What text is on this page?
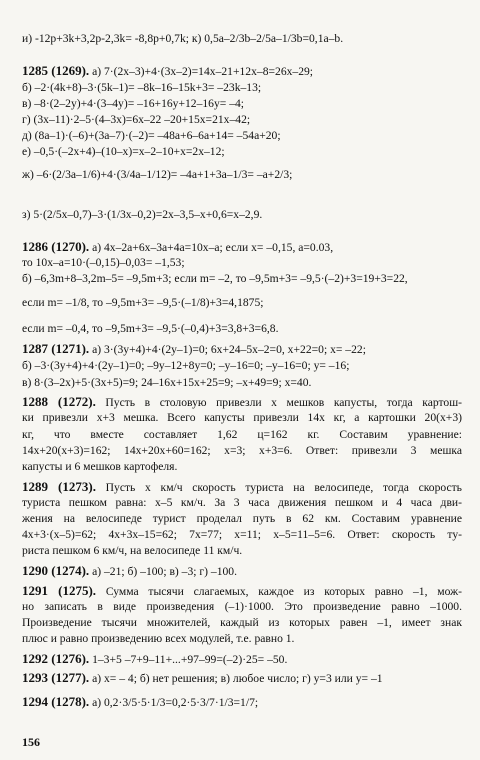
и) -12p+3k+3,2p-2,3k= -8,8p+0,7k; к) 0,5a–2/3b–2/5a–1/3b=0,1a–b.
1285 (1269). а) 7·(2x–3)+4·(3x–2)=14x–21+12x–8=26x–29;
б) –2·(4k+8)–3·(5k–1)= –8k–16–15k+3= –23k–13;
в) –8·(2–2y)+4·(3–4y)= –16+16y+12–16y= –4;
г) (3x–11)·2–5·(4–3x)=6x–22 –20+15x=21x–42;
д) (8a–1)·(–6)+(3a–7)·(–2)= –48a+6–6a+14= –54a+20;
е) –0,5·(–2x+4)–(10–x)=x–2–10+x=2x–12;
ж) –6·(2/3a–1/6)+4·(3/4a–1/12)= –4a+1+3a–1/3= –a+2/3;
з) 5·(2/5x–0,7)–3·(1/3x–0,2)=2x–3,5–x+0,6=x–2,9.
1286 (1270). а) 4x–2a+6x–3a+4a=10x–a; если x= –0,15, a=0.03,
то 10x–a=10·(–0,15)–0,03= –1,53;
б) –6,3m+8–3,2m–5= –9,5m+3; если m= –2, то –9,5m+3= –9,5·(–2)+3=19+3=22,
если m= –1/8, то –9,5m+3= –9,5·(–1/8)+3=4,1875;
если m= –0,4, то –9,5m+3= –9,5·(–0,4)+3=3,8+3=6,8.
1287 (1271). а) 3·(3y+4)+4·(2y–1)=0; 6x+24–5x–2=0, x+22=0; x= –22;
б) –3·(3y+4)+4·(2y–1)=0; –9y–12+8y=0; –y–16=0; –y–16=0; y= –16;
в) 8·(3–2x)+5·(3x+5)=9; 24–16x+15x+25=9; –x+49=9; x=40.
1288 (1272). Пусть в столовую привезли x мешков капусты, тогда картош-
ки привезли x+3 мешка. Всего капусты привезли 14x кг, а картошки 20(x+3)
кг, что вместе составляет 1,62 ц=162 кг. Составим уравнение:
14x+20(x+3)=162; 14x+20x+60=162; x=3; x+3=6. Ответ: привезли 3 мешка
капусты и 6 мешков картофеля.
1289 (1273). Пусть x км/ч скорость туриста на велосипеде, тогда скорость
туриста пешком равна: x–5 км/ч. За 3 часа движения пешком и 4 часа дви-
жения на велосипеде турист проделал путь в 62 км. Составим уравнение
4x+3·(x–5)=62; 4x+3x–15=62; 7x=77; x=11; x–5=11–5=6. Ответ: скорость ту-
риста пешком 6 км/ч, на велосипеде 11 км/ч.
1290 (1274). а) –21; б) –100; в) –3; г) –100.
1291 (1275). Сумма тысячи слагаемых, каждое из которых равно –1, мож-
но записать в виде произведения (–1)·1000. Это произведение равно –1000.
Произведение тысячи множителей, каждый из которых равен –1, имеет знак
плюс и равно произведению всех модулей, т.е. равно 1.
1292 (1276). 1–3+5 –7+9–11+...+97–99=(–2)·25= –50.
1293 (1277). а) x= – 4; б) нет решения; в) любое число; г) y=3 или y= –1
1294 (1278). а) 0,2·3/5·5·1/3=0,2·5·3/7·1/3=1/7;
156
